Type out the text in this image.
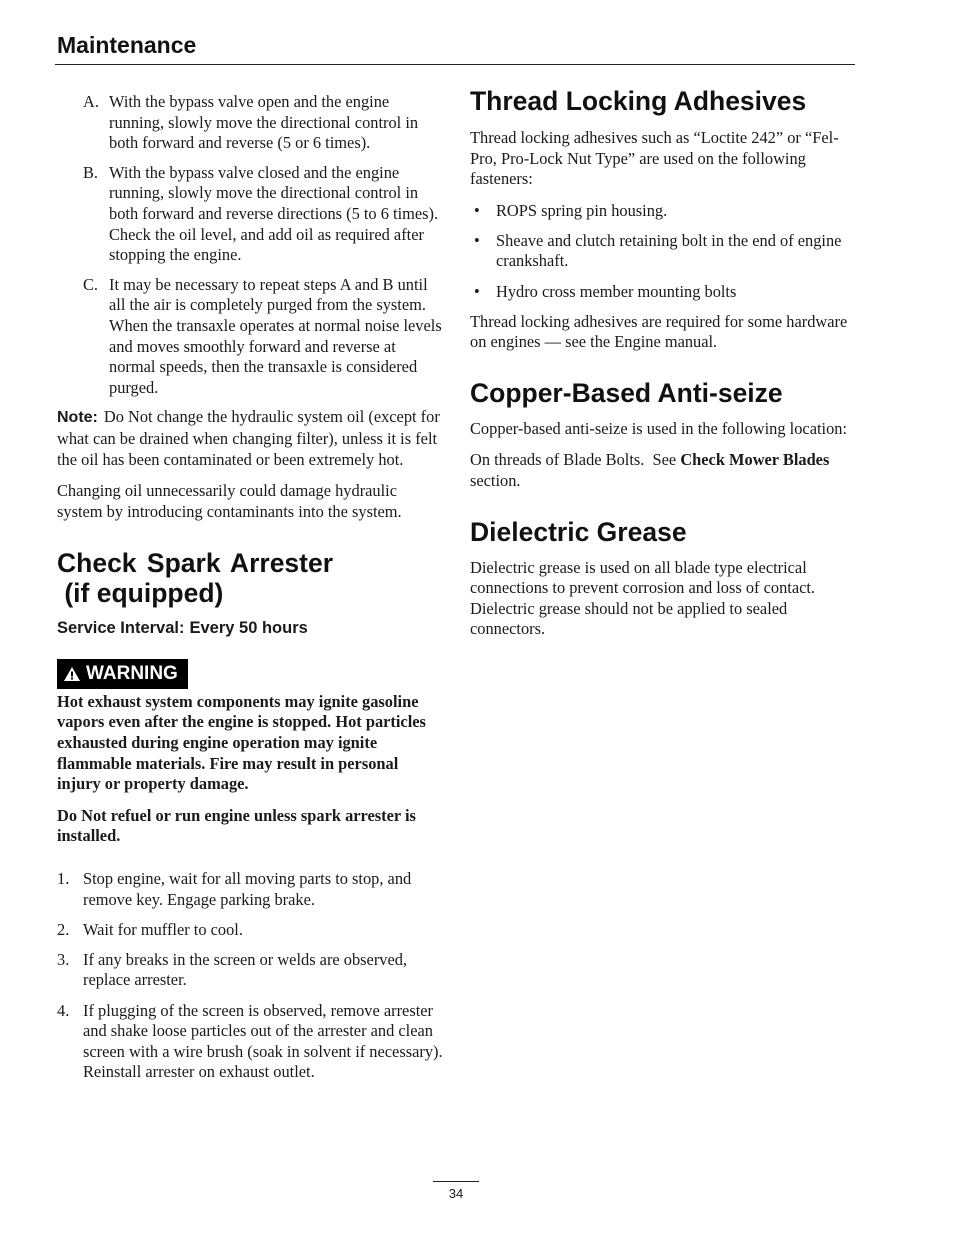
Maintenance
A. With the bypass valve open and the engine running, slowly move the directional control in both forward and reverse (5 or 6 times).
B. With the bypass valve closed and the engine running, slowly move the directional control in both forward and reverse directions (5 to 6 times). Check the oil level, and add oil as required after stopping the engine.
C. It may be necessary to repeat steps A and B until all the air is completely purged from the system. When the transaxle operates at normal noise levels and moves smoothly forward and reverse at normal speeds, then the transaxle is considered purged.

Note: Do Not change the hydraulic system oil (except for what can be drained when changing filter), unless it is felt the oil has been contaminated or been extremely hot.

Changing oil unnecessarily could damage hydraulic system by introducing contaminants into the system.

Check Spark Arrester
(if equipped)
Service Interval: Every 50 hours
WARNING

Hot exhaust system components may ignite gasoline vapors even after the engine is stopped. Hot particles exhausted during engine operation may ignite flammable materials. Fire may result in personal injury or property damage.

Do Not refuel or run engine unless spark arrester is installed.

1. Stop engine, wait for all moving parts to stop, and remove key. Engage parking brake.
2. Wait for muffler to cool.
3. If any breaks in the screen or welds are observed, replace arrester.
4. If plugging of the screen is observed, remove arrester and shake loose particles out of the arrester and clean screen with a wire brush (soak in solvent if necessary). Reinstall arrester on exhaust outlet.
Thread Locking Adhesives

Thread locking adhesives such as “Loctite 242” or “Fel-Pro, Pro-Lock Nut Type” are used on the following fasteners:

• ROPS spring pin housing.
• Sheave and clutch retaining bolt in the end of engine crankshaft.
• Hydro cross member mounting bolts

Thread locking adhesives are required for some hardware on engines — see the Engine manual.

Copper-Based Anti-seize

Copper-based anti-seize is used in the following location:

On threads of Blade Bolts.  See Check Mower Blades section.

Dielectric Grease

Dielectric grease is used on all blade type electrical connections to prevent corrosion and loss of contact. Dielectric grease should not be applied to sealed connectors.

34
